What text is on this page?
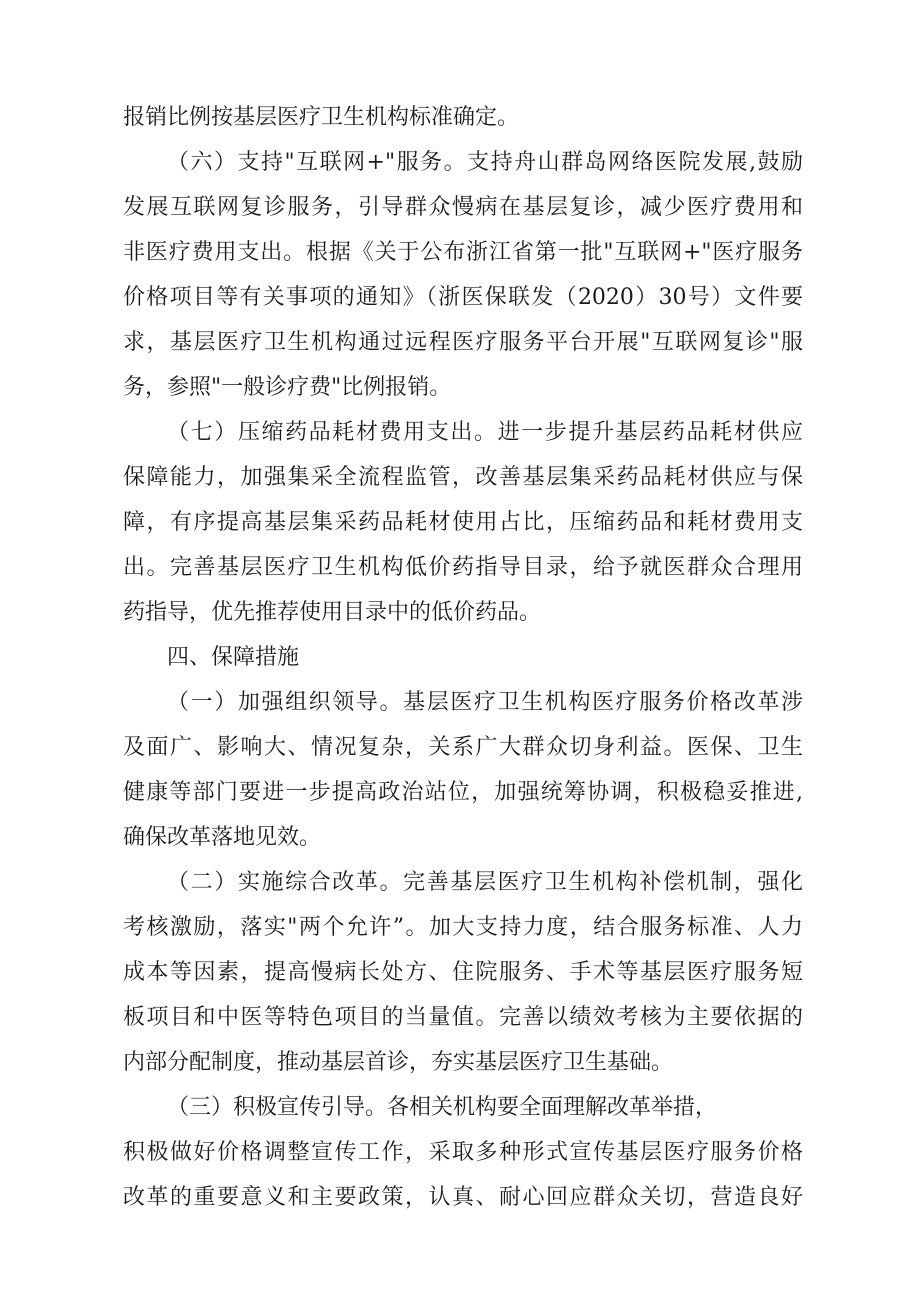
报销比例按基层医疗卫生机构标准确定。
（六）支持"互联网+"服务。支持舟山群岛网络医院发展,鼓励
发展互联网复诊服务，引导群众慢病在基层复诊，减少医疗费用和
非医疗费用支出。根据《关于公布浙江省第一批"互联网+"医疗服务
价格项目等有关事项的通知》（浙医保联发（2020）30号）文件要
求，基层医疗卫生机构通过远程医疗服务平台开展"互联网复诊"服
务，参照"一般诊疗费"比例报销。
（七）压缩药品耗材费用支出。进一步提升基层药品耗材供应
保障能力，加强集采全流程监管，改善基层集采药品耗材供应与保
障，有序提高基层集采药品耗材使用占比，压缩药品和耗材费用支
出。完善基层医疗卫生机构低价药指导目录，给予就医群众合理用
药指导，优先推荐使用目录中的低价药品。
四、保障措施
（一）加强组织领导。基层医疗卫生机构医疗服务价格改革涉
及面广、影响大、情况复杂，关系广大群众切身利益。医保、卫生
健康等部门要进一步提高政治站位，加强统筹协调，积极稳妥推进,
确保改革落地见效。
（二）实施综合改革。完善基层医疗卫生机构补偿机制，强化
考核激励，落实"两个允许”。加大支持力度，结合服务标准、人力
成本等因素，提高慢病长处方、住院服务、手术等基层医疗服务短
板项目和中医等特色项目的当量值。完善以绩效考核为主要依据的
内部分配制度，推动基层首诊，夯实基层医疗卫生基础。
（三）积极宣传引导。各相关机构要全面理解改革举措，
积极做好价格调整宣传工作，采取多种形式宣传基层医疗服务价格
改革的重要意义和主要政策，认真、耐心回应群众关切，营造良好
